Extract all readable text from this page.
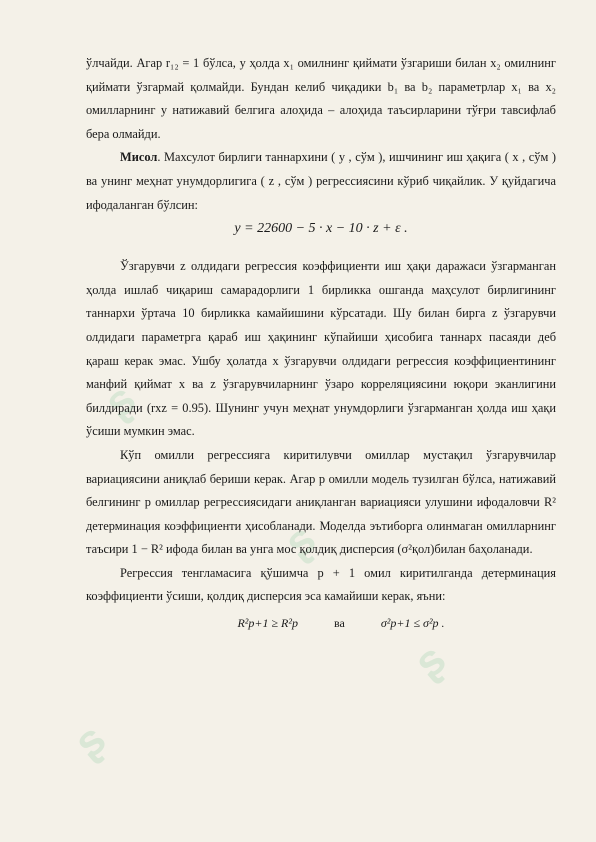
ʂ
ʂ
ʂ
ʂ

ўлчайди. Агар r₁₂ = 1 бўлса, у ҳолда x₁ омилнинг қиймати ўзгариши билан x₂ омилнинг қиймати ўзгармай қолмайди. Бундан келиб чиқадики b₁ ва b₂ параметрлар x₁ ва x₂ омилларнинг y натижавий белгига алоҳида – алоҳида таъсирларини тўғри тавсифлаб бера олмайди.

Мисол. Махсулот бирлиги таннархини ( y , сўм ), ишчининг иш ҳақига ( x , сўм ) ва унинг меҳнат унумдорлигига ( z , сўм ) регрессиясини кўриб чиқайлик. У қуйдагича ифодаланган бўлсин:

y = 22600 − 5 · x − 10 · z + ε .

Ўзгарувчи z олдидаги регрессия коэффициенти иш ҳақи даражаси ўзгарманган ҳолда ишлаб чиқариш самарадорлиги 1 бирликка ошганда маҳсулот бирлигининг таннархи ўртача 10 бирликка камайишини кўрсатади. Шу билан бирга z ўзгарувчи олдидаги параметрга қараб иш ҳақининг кўпайиши ҳисобига таннарх пасаяди деб қараш керак эмас. Ушбу ҳолатда x ўзгарувчи олдидаги регрессия коэффициентининг манфий қиймат x ва z ўзгарувчиларнинг ўзаро корреляциясини юқори эканлигини билдиради (rxz = 0.95). Шунинг учун меҳнат унумдорлиги ўзгарманган ҳолда иш ҳақи ўсиши мумкин эмас.

Кўп омилли регрессияга киритилувчи омиллар мустақил ўзгарувчилар вариациясини аниқлаб бериши керак. Агар p омилли модель тузилган бўлса, натижавий белгининг p омиллар регрессиясидаги аниқланган вариацияси улушини ифодаловчи R² детерминация коэффициенти ҳисобланади. Моделда эътиборга олинмаган омилларнинг таъсири 1 − R² ифода билан ва унга мос қолдиқ дисперсия (σ²қол)билан баҳоланади.

Регрессия тенгламасига қўшимча p + 1 омил киритилганда детерминация коэффициенти ўсиши, қолдиқ дисперсия эса камайиши керак, яъни:

R²p+1 ≥ R²p	ва	σ²p+1 ≤ σ²p .
